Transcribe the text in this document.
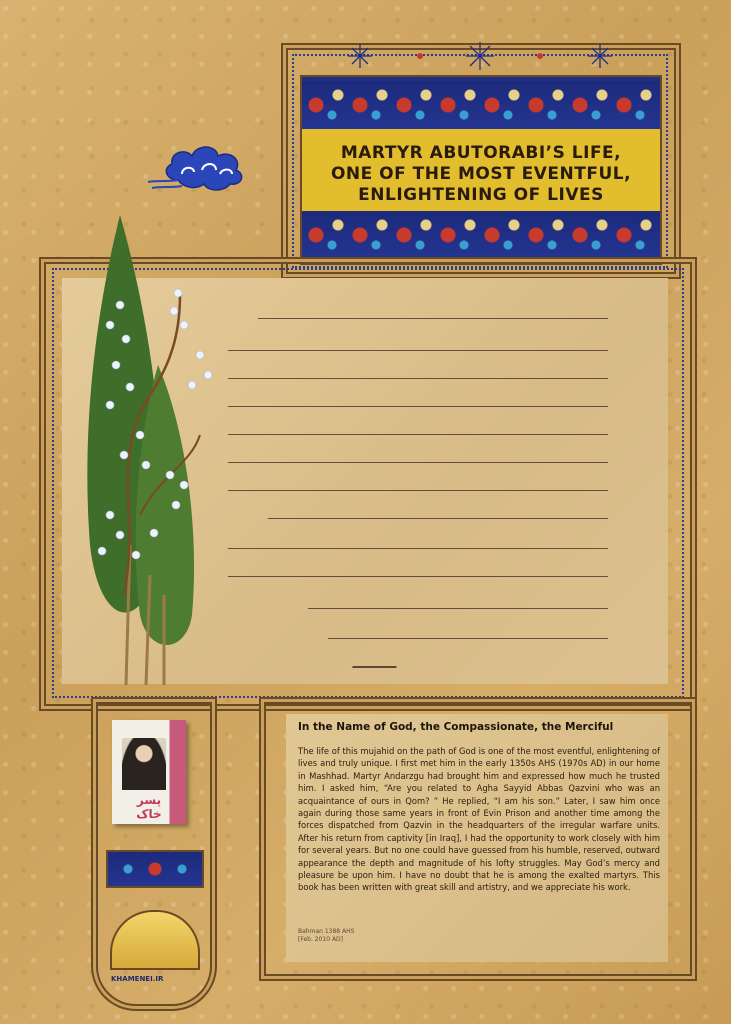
MARTYR ABUTORABI’S LIFE,
ONE OF THE MOST EVENTFUL,
ENLIGHTENING OF LIVES
In the Name of God, the Compassionate, the Merciful
The life of this mujahid on the path of God is one of the most eventful, enlightening of lives and truly unique. I first met him in the early 1350s AHS (1970s AD) in our home in Mashhad. Martyr Andarzgu had brought him and expressed how much he trusted him. I asked him, “Are you related to Agha Sayyid Abbas Qazvini who was an acquaintance of ours in Qom? ” He replied, “I am his son.” Later, I saw him once again during those same years in front of Evin Prison and another time among the forces dispatched from Qazvin in the headquarters of the irregular warfare units. After his return from captivity [in Iraq], I had the opportunity to work closely with him for several years. But no one could have guessed from his humble, reserved, outward appearance the depth and magnitude of his lofty struggles. May God’s mercy and pleasure be upon him. I have no doubt that he is among the exalted martyrs. This book has been written with great skill and artistry, and we appreciate his work.
Bahman 1388 AHS
[Feb. 2010 AD]
پسر خاک
KHAMENEI.IR
